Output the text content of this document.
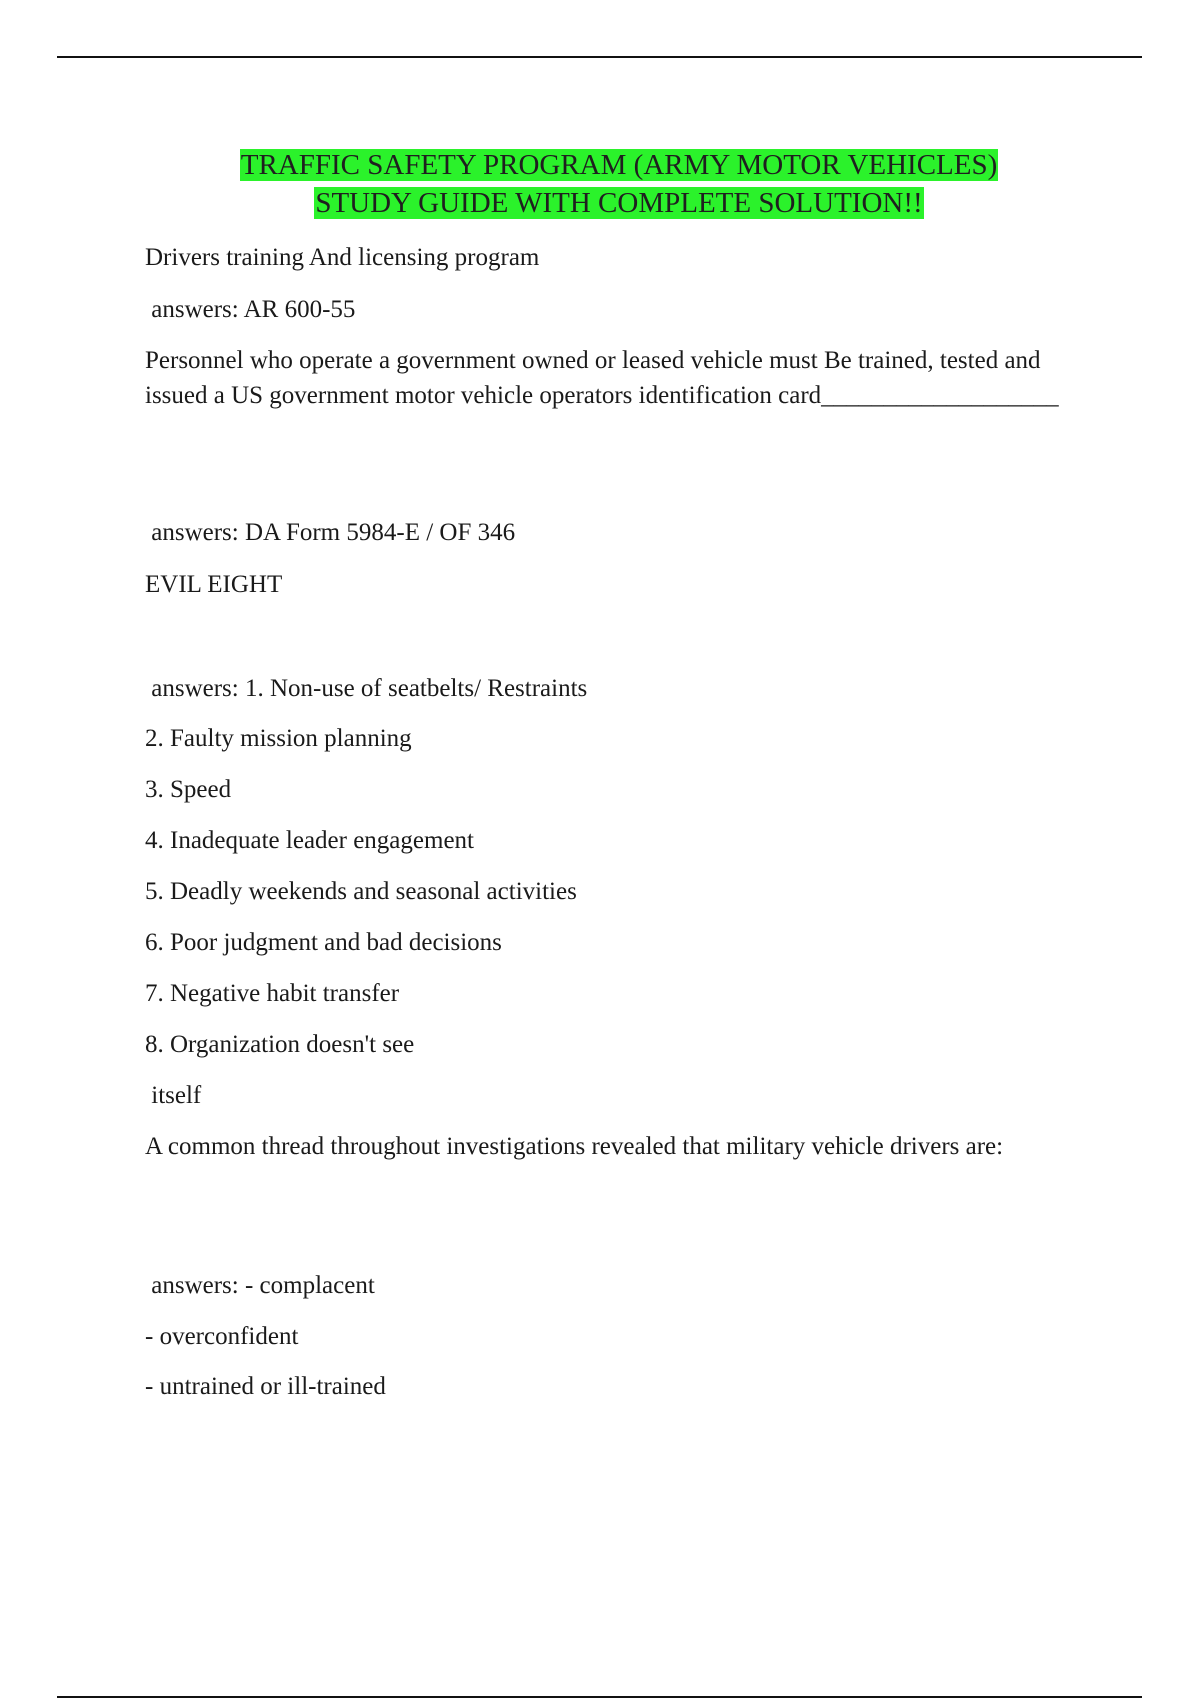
TRAFFIC SAFETY PROGRAM (ARMY MOTOR VEHICLES)
STUDY GUIDE WITH COMPLETE SOLUTION!!
Drivers training And licensing program
answers: AR 600-55
Personnel who operate a government owned or leased vehicle must Be trained, tested and issued a US government motor vehicle operators identification card___________________
answers: DA Form 5984-E / OF 346
EVIL EIGHT
answers: 1. Non-use of seatbelts/ Restraints
2. Faulty mission planning
3. Speed
4. Inadequate leader engagement
5. Deadly weekends and seasonal activities
6. Poor judgment and bad decisions
7. Negative habit transfer
8. Organization doesn't see
itself
A common thread throughout investigations revealed that military vehicle drivers are:
answers: - complacent
- overconfident
- untrained or ill-trained
